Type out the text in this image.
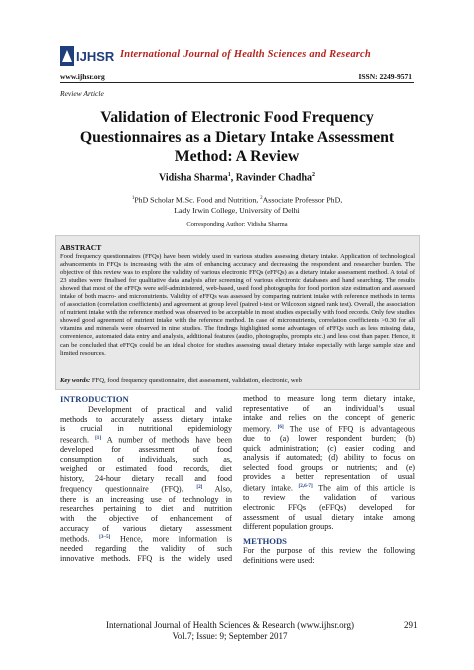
IJHSR International Journal of Health Sciences and Research
www.ijhsr.org	ISSN: 2249-9571
Review Article
Validation of Electronic Food Frequency Questionnaires as a Dietary Intake Assessment Method: A Review
Vidisha Sharma$^1$, Ravinder Chadha$^2$
$^1$PhD Scholar M.Sc. Food and Nutrition, $^2$Associate Professor PhD,
Lady Irwin College, University of Delhi
Corresponding Author: Vidisha Sharma
ABSTRACT
Food frequency questionnaires (FFQs) have been widely used in various studies assessing dietary intake. Application of technological advancements in FFQs is increasing with the aim of enhancing accuracy and decreasing the respondent and researcher burden. The objective of this review was to explore the validity of various electronic FFQs (eFFQs) as a dietary intake assessment method. A total of 23 studies were finalised for qualitative data analysis after screening of various electronic databases and hand searching. The results showed that most of the eFFQs were self-administered, web-based, used food photographs for food portion size estimation and assessed intake of both macro- and micronutrients. Validity of eFFQs was assessed by comparing nutrient intake with reference methods in terms of association (correlation coefficients) and agreement at group level (paired t-test or Wilcoxon signed rank test). Overall, the association of nutrient intake with the reference method was observed to be acceptable in most studies especially with food records. Only few studies showed good agreement of nutrient intake with the reference method. In case of micronutrients, correlation coefficients >0.30 for all vitamins and minerals were observed in nine studies. The findings highlighted some advantages of eFFQs such as less missing data, convenience, automated data entry and analysis, additional features (audio, photographs, prompts etc.) and less cost than paper. Hence, it can be concluded that eFFQs could be an ideal choice for studies assessing usual dietary intake especially with large sample size and limited resources.
Key words: FFQ, food frequency questionnaire, diet assessment, validation, electronic, web
INTRODUCTION
Development of practical and valid
methods to accurately assess dietary intake
is crucial in nutritional epidemiology
research. [1] A number of methods have been
developed for assessment of food
consumption of individuals, such as,
weighed or estimated food records, diet
history, 24-hour dietary recall and food
frequency questionnaire (FFQ). [2] Also,
there is an increasing use of technology in
researches pertaining to diet and nutrition
with the objective of enhancement of
accuracy of various dietary assessment
methods. [3–5] Hence, more information is
needed regarding the validity of such
innovative methods. FFQ is the widely used
method to measure long term dietary intake,
representative of an individual’s usual
intake and relies on the concept of generic
memory. [6] The use of FFQ is advantageous
due to (a) lower respondent burden; (b)
quick administration; (c) easier coding and
analysis if automated; (d) ability to focus on
selected food groups or nutrients; and (e)
provides a better representation of usual
dietary intake. [2,6-7] The aim of this article is
to review the validation of various
electronic FFQs (eFFQs) developed for
assessment of usual dietary intake among
different population groups.
METHODS
For the purpose of this review the following
definitions were used:
International Journal of Health Sciences & Research (www.ijhsr.org)
Vol.7; Issue: 9; September 2017
291
